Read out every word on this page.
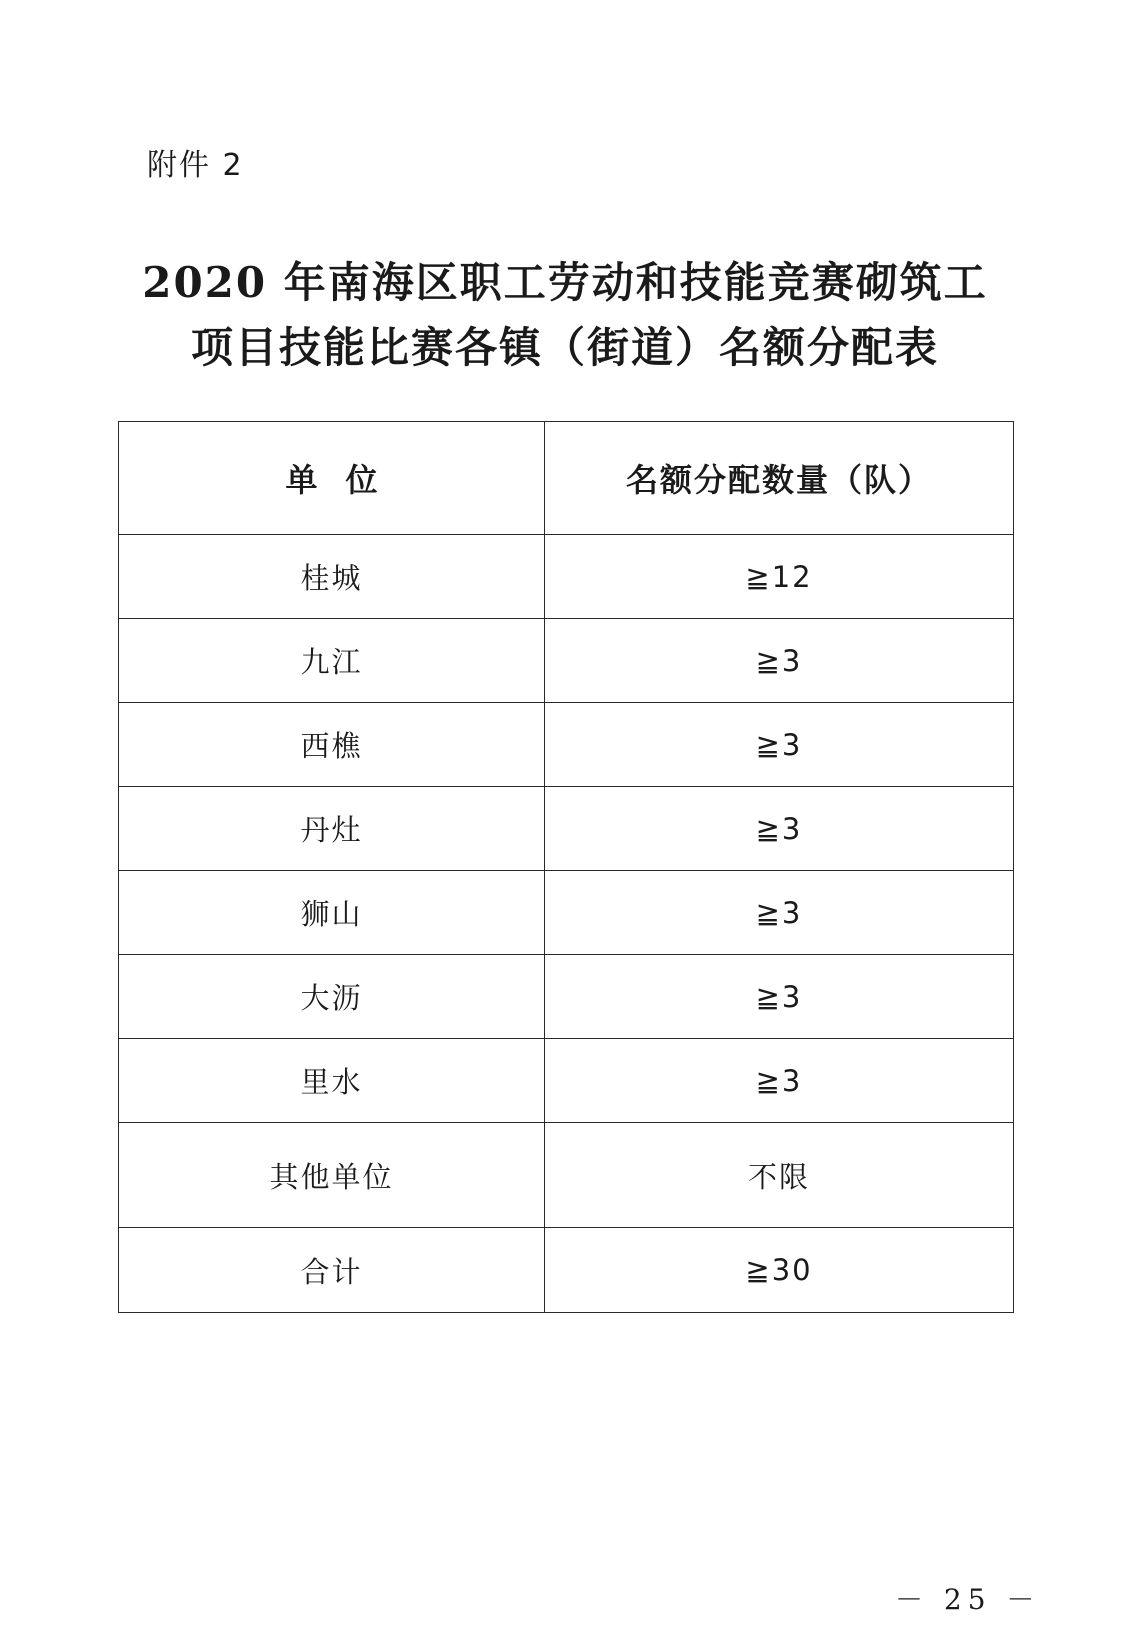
附件 2
2020 年南海区职工劳动和技能竞赛砌筑工
项目技能比赛各镇（街道）名额分配表
单位	名额分配数量（队）
桂城	≧12
九江	≧3
西樵	≧3
丹灶	≧3
狮山	≧3
大沥	≧3
里水	≧3
其他单位	不限
合计	≧30
－ 25 －
